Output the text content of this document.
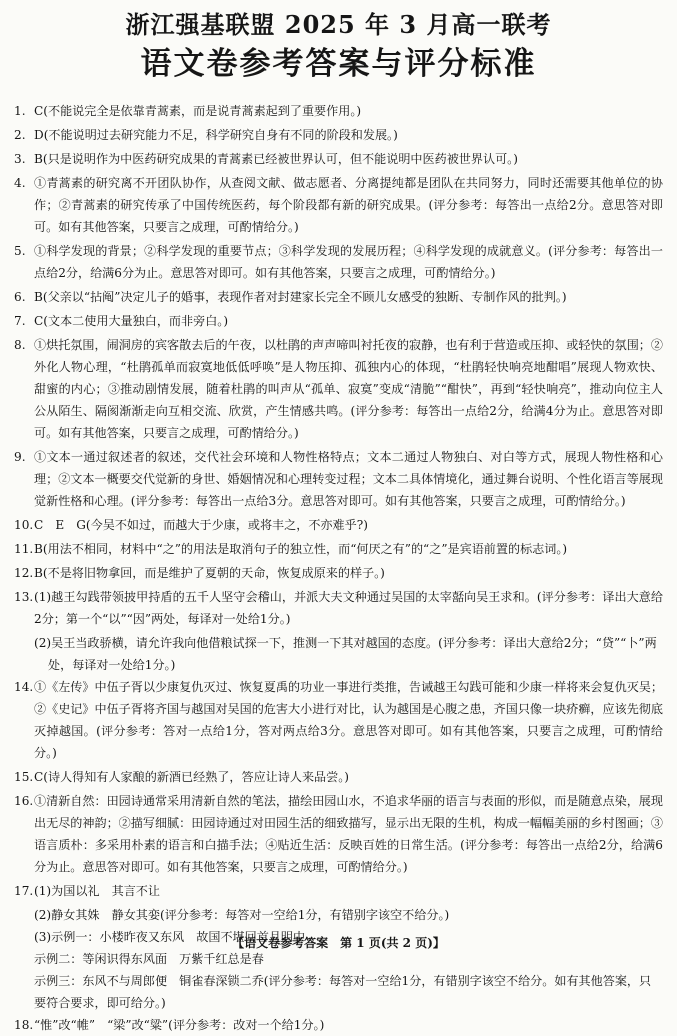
浙江强基联盟 2025 年 3 月高一联考
语文卷参考答案与评分标准
1. C(不能说完全是依靠青蒿素，而是说青蒿素起到了重要作用。)
2. D(不能说明过去研究能力不足，科学研究自身有不同的阶段和发展。)
3. B(只是说明作为中医药研究成果的青蒿素已经被世界认可，但不能说明中医药被世界认可。)
4. ①青蒿素的研究离不开团队协作，从查阅文献、做志愿者、分离提纯都是团队在共同努力，同时还需要其他单位的协作；②青蒿素的研究传承了中国传统医药，每个阶段都有新的研究成果。(评分参考：每答出一点给2分。意思答对即可。如有其他答案，只要言之成理，可酌情给分。)
5. ①科学发现的背景；②科学发现的重要节点；③科学发现的发展历程；④科学发现的成就意义。(评分参考：每答出一点给2分，给满6分为止。意思答对即可。如有其他答案，只要言之成理，可酌情给分。)
6. B(父亲以“拈阄”决定儿子的婚事，表现作者对封建家长完全不顾儿女感受的独断、专制作风的批判。)
7. C(文本二使用大量独白，而非旁白。)
8. ①烘托氛围，闹洞房的宾客散去后的午夜，以杜鹃的声声啼叫衬托夜的寂静，也有利于营造或压抑、或轻快的氛围；②外化人物心理，“杜鹃孤单而寂寞地低低呼唤”是人物压抑、孤独内心的体现，“杜鹃轻快响亮地酣唱”展现人物欢快、甜蜜的内心；③推动剧情发展，随着杜鹃的叫声从“孤单、寂寞”变成“清脆”“酣快”，再到“轻快响亮”，推动向位主人公从陌生、隔阂渐渐走向互相交流、欣赏，产生情感共鸣。(评分参考：每答出一点给2分，给满4分为止。意思答对即可。如有其他答案，只要言之成理，可酌情给分。)
9. ①文本一通过叙述者的叙述，交代社会环境和人物性格特点；文本二通过人物独白、对白等方式，展现人物性格和心理；②文本一概要交代觉新的身世、婚姻情况和心理转变过程；文本二具体情境化，通过舞台说明、个性化语言等展现觉新性格和心理。(评分参考：每答出一点给3分。意思答对即可。如有其他答案，只要言之成理，可酌情给分。)
10. C　E　G(今吴不如过，而越大于少康，或将丰之，不亦难乎?)
11. B(用法不相同，材料中“之”的用法是取消句子的独立性，而“何厌之有”的“之”是宾语前置的标志词。)
12. B(不是将旧物拿回，而是维护了夏朝的天命，恢复成原来的样子。)
13. (1)越王勾践带领披甲持盾的五千人坚守会稽山，并派大夫文种通过吴国的太宰嚭向吴王求和。(评分参考：译出大意给2分；第一个“以”“因”两处，每译对一处给1分。)
(2)吴王当政骄横，请允许我向他借粮试探一下，推测一下其对越国的态度。(评分参考：译出大意给2分；“贷”“卜”两处，每译对一处给1分。)
14. ①《左传》中伍子胥以少康复仇灭过、恢复夏禹的功业一事进行类推，告诫越王勾践可能和少康一样将来会复仇灭吴；②《史记》中伍子胥将齐国与越国对吴国的危害大小进行对比，认为越国是心腹之患，齐国只像一块疥癣，应该先彻底灭掉越国。(评分参考：答对一点给1分，答对两点给3分。意思答对即可。如有其他答案，只要言之成理，可酌情给分。)
15. C(诗人得知有人家酿的新酒已经熟了，答应让诗人来品尝。)
16. ①清新自然：田园诗通常采用清新自然的笔法，描绘田园山水，不追求华丽的语言与表面的形似，而是随意点染，展现出无尽的神韵；②描写细腻：田园诗通过对田园生活的细致描写，显示出无限的生机，构成一幅幅美丽的乡村图画；③语言质朴：多采用朴素的语言和白描手法；④贴近生活：反映百姓的日常生活。(评分参考：每答出一点给2分，给满6分为止。意思答对即可。如有其他答案，只要言之成理，可酌情给分。)
17. (1)为国以礼　其言不让
(2)静女其姝　静女其娈(评分参考：每答对一空给1分，有错别字该空不给分。)
(3)示例一：小楼昨夜又东风　故国不堪回首月明中
示例二：等闲识得东风面　万紫千红总是春
示例三：东风不与周郎便　铜雀春深锁二乔(评分参考：每答对一空给1分，有错别字该空不给分。如有其他答案，只要符合要求，即可给分。)
18. “惟”改“帷”　“梁”改“粱”(评分参考：改对一个给1分。)
【语文卷参考答案　第 1 页(共 2 页)】
